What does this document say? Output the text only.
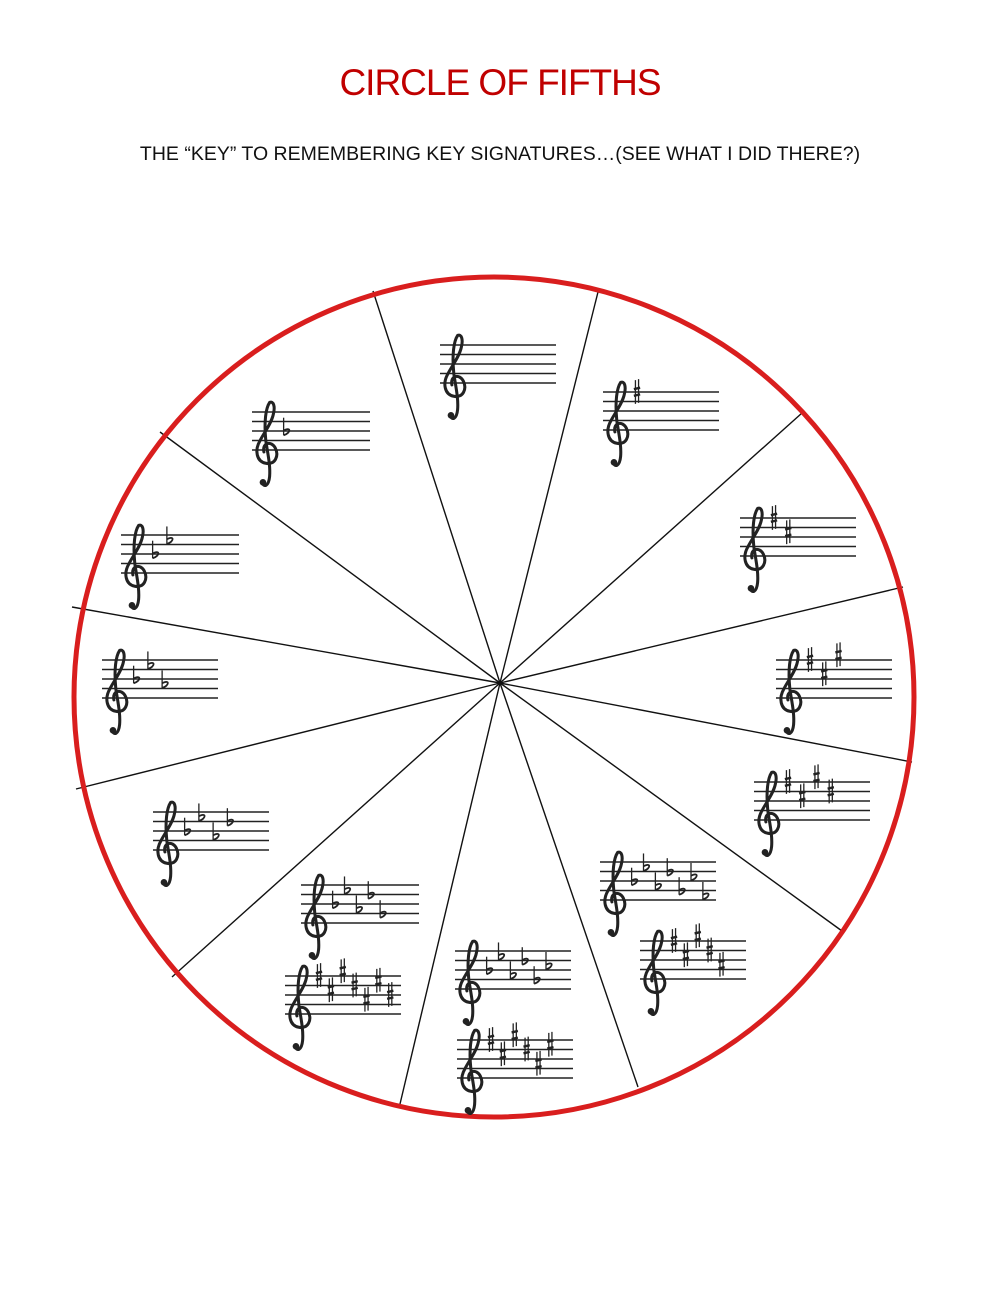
CIRCLE OF FIFTHS
THE “KEY” TO REMEMBERING KEY SIGNATURES…(SEE WHAT I DID THERE?)
